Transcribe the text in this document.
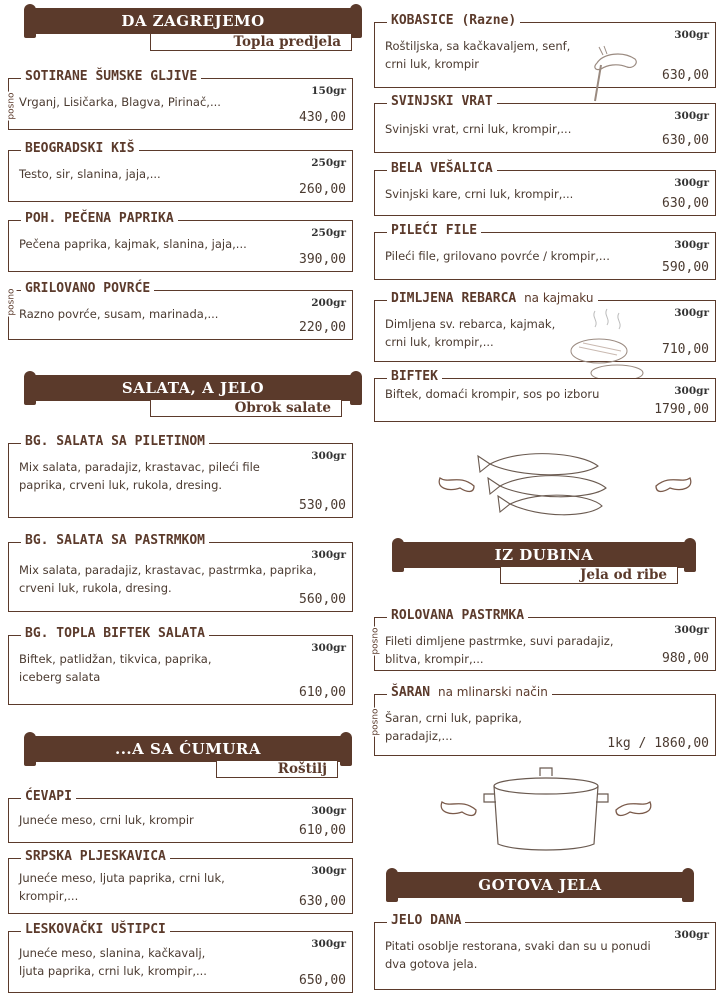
DA ZAGREJEMO
Topla predjela
SOTIRANE ŠUMSKE GLJIVE
150gr
Vrganj, Lisičarka, Blagva, Pirinač,...
430,00
posno
BEOGRADSKI KIŠ
250gr
Testo, sir, slanina, jaja,...
260,00
POH. PEČENA PAPRIKA
250gr
Pečena paprika, kajmak, slanina, jaja,...
390,00
GRILOVANO POVRĆE
200gr
Razno povrće, susam, marinada,...
220,00
posno
SALATA, A JELO
Obrok salate
BG. SALATA SA PILETINOM
300gr
Mix salata, paradajiz, krastavac, pileći file
paprika, crveni luk, rukola, dresing.
530,00
BG. SALATA SA PASTRMKOM
300gr
Mix salata, paradajiz, krastavac, pastrmka, paprika,
crveni luk, rukola, dresing.
560,00
BG. TOPLA BIFTEK SALATA
300gr
Biftek, patlidžan, tikvica, paprika,
iceberg salata
610,00
...A SA ĆUMURA
Roštilj
ĆEVAPI
300gr
Juneće meso, crni luk, krompir
610,00
SRPSKA PLJESKAVICA
300gr
Juneće meso, ljuta paprika, crni luk,
krompir,...	630,00
LESKOVAČKI UŠTIPCI
300gr
Juneće meso, slanina, kačkavalj,
ljuta paprika, crni luk, krompir,...
650,00
KOBASICE (Razne)
300gr
Roštiljska, sa kačkavaljem, senf,
crni luk, krompir
630,00
SVINJSKI VRAT
300gr
Svinjski vrat, crni luk, krompir,...
630,00
BELA VEŠALICA
300gr
Svinjski kare, crni luk, krompir,...
630,00
PILEĆI FILE
300gr
Pileći file, grilovano povrće / krompir,...
590,00
DIMLJENA REBARCA na kajmaku
300gr
Dimljena sv. rebarca, kajmak,
crni luk, krompir,...	710,00
BIFTEK
300gr
Biftek, domaći krompir, sos po izboru
1790,00
IZ DUBINA
Jela od ribe
ROLOVANA PASTRMKA
300gr
Fileti dimljene pastrmke, suvi paradajiz,
blitva, krompir,...	980,00
posno
ŠARAN na mlinarski način
Šaran, crni luk, paprika,
paradajiz,...	1kg / 1860,00
posno
GOTOVA JELA
JELO DANA
300gr
Pitati osoblje restorana, svaki dan su u ponudi
dva gotova jela.
